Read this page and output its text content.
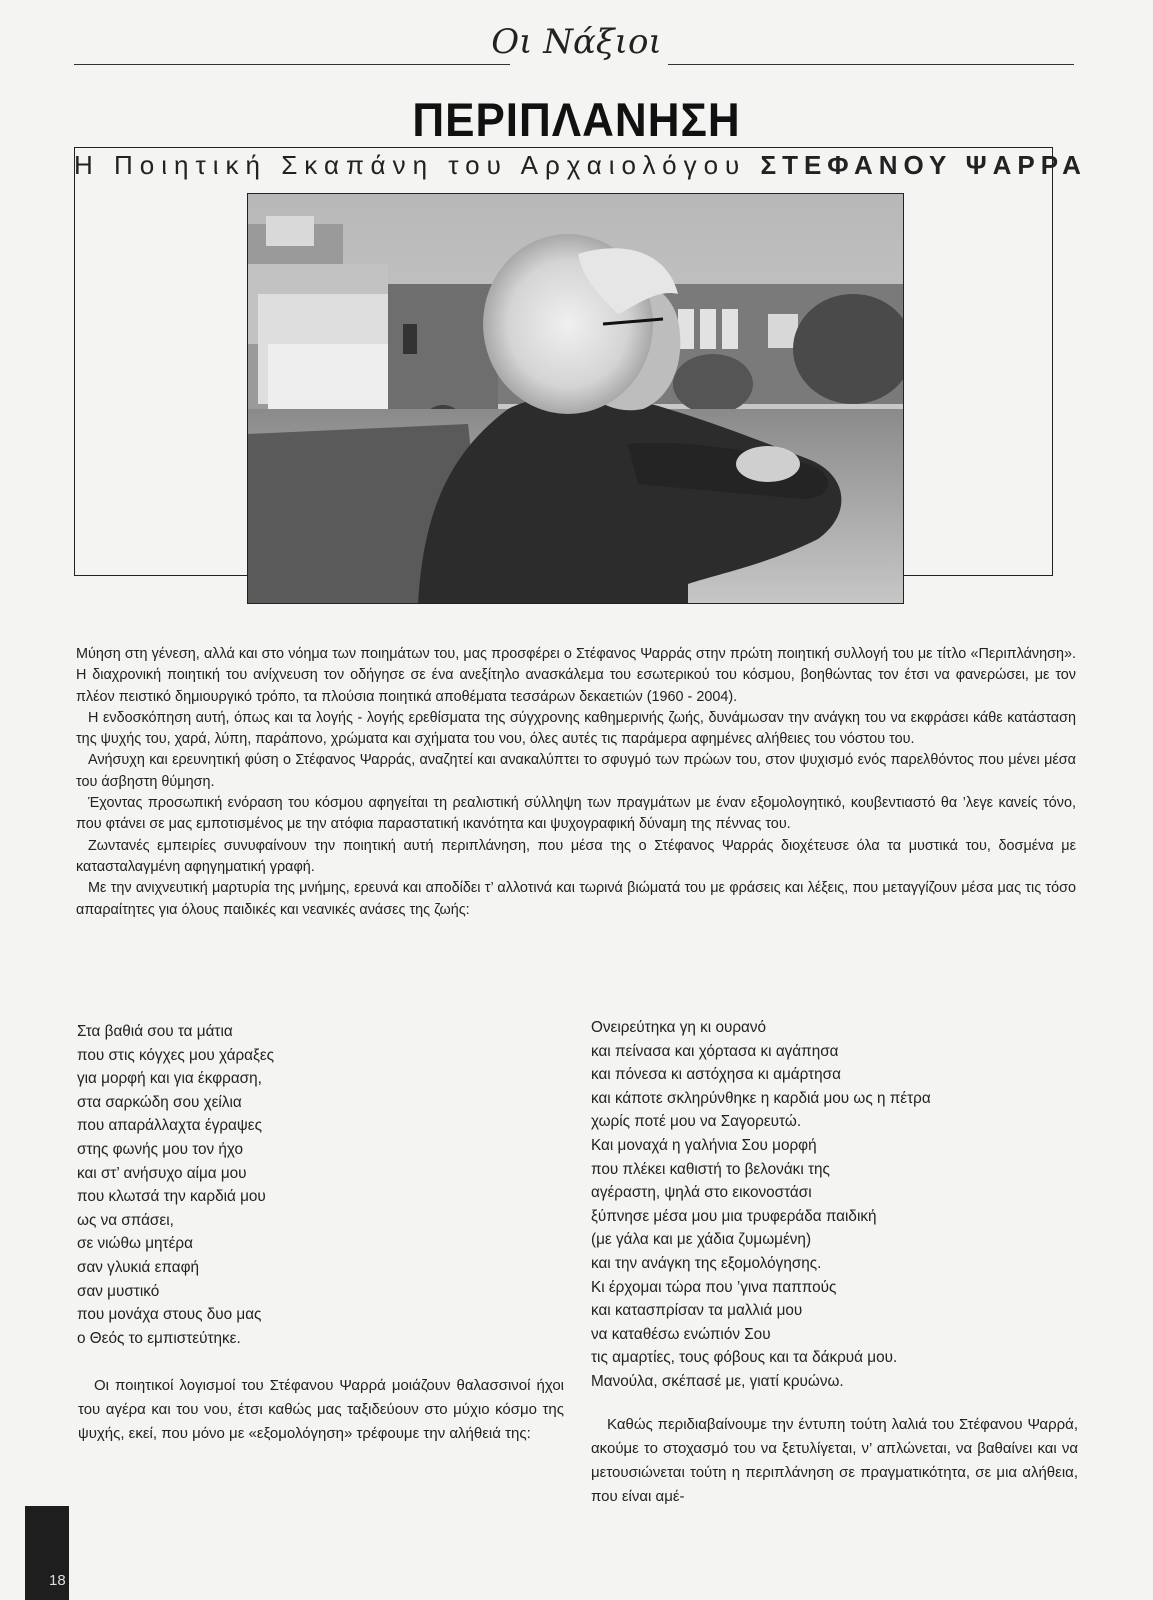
Οι Νάξιοι
ΠΕΡΙΠΛΑΝΗΣΗ
Η Ποιητική Σκαπάνη του Αρχαιολόγου ΣΤΕΦΑΝΟΥ ΨΑΡΡΑ

Μύηση στη γένεση, αλλά και στο νόημα των ποιημάτων του, μας προσφέρει ο Στέφανος Ψαρράς στην πρώτη ποιητική συλλογή του με τίτλο «Περιπλάνηση». Η διαχρονική ποιητική του ανίχνευση τον οδήγησε σε ένα ανεξίτηλο ανασκάλεμα του εσωτερικού του κόσμου, βοηθώντας τον έτσι να φανερώσει, με τον πλέον πειστικό δημιουργικό τρόπο, τα πλούσια ποιητικά αποθέματα τεσσάρων δεκαετιών (1960 - 2004).

Η ενδοσκόπηση αυτή, όπως και τα λογής - λογής ερεθίσματα της σύγχρονης καθημερινής ζωής, δυνάμωσαν την ανάγκη του να εκφράσει κάθε κατάσταση της ψυχής του, χαρά, λύπη, παράπονο, χρώματα και σχήματα του νου, όλες αυτές τις παράμερα αφημένες αλήθειες του νόστου του.

Ανήσυχη και ερευνητική φύση ο Στέφανος Ψαρράς, αναζητεί και ανακαλύπτει το σφυγμό των πρώων του, στον ψυχισμό ενός παρελθόντος που μένει μέσα του άσβηστη θύμηση.

Έχοντας προσωπική ενόραση του κόσμου αφηγείται τη ρεαλιστική σύλληψη των πραγμάτων με έναν εξομολογητικό, κουβεντιαστό θα ’λεγε κανείς τόνο, που φτάνει σε μας εμποτισμένος με την ατόφια παραστατική ικανότητα και ψυχογραφική δύναμη της πέννας του.

Ζωντανές εμπειρίες συνυφαίνουν την ποιητική αυτή περιπλάνηση, που μέσα της ο Στέφανος Ψαρράς διοχέτευσε όλα τα μυστικά του, δοσμένα με κατασταλαγμένη αφηγηματική γραφή.

Με την ανιχνευτική μαρτυρία της μνήμης, ερευνά και αποδίδει τ’ αλλοτινά και τωρινά βιώματά του με φράσεις και λέξεις, που μεταγγίζουν μέσα μας τις τόσο απαραίτητες για όλους παιδικές και νεανικές ανάσες της ζωής:

Στα βαθιά σου τα μάτια
που στις κόγχες μου χάραξες
για μορφή και για έκφραση,
στα σαρκώδη σου χείλια
που απαράλλαχτα έγραψες
στης φωνής μου τον ήχο
και στ’ ανήσυχο αίμα μου
που κλωτσά την καρδιά μου
ως να σπάσει,
σε νιώθω μητέρα
σαν γλυκιά επαφή
σαν μυστικό
που μονάχα στους δυο μας
ο Θεός το εμπιστεύτηκε.

Οι ποιητικοί λογισμοί του Στέφανου Ψαρρά μοιάζουν θαλασσινοί ήχοι του αγέρα και του νου, έτσι καθώς μας ταξιδεύουν στο μύχιο κόσμο της ψυχής, εκεί, που μόνο με «εξομολόγηση» τρέφουμε την αλήθειά της:

Ονειρεύτηκα γη κι ουρανό
και πείνασα και χόρτασα κι αγάπησα
και πόνεσα κι αστόχησα κι αμάρτησα
και κάποτε σκληρύνθηκε η καρδιά μου ως η πέτρα
χωρίς ποτέ μου να Σαγορευτώ.
Και μοναχά η γαλήνια Σου μορφή
που πλέκει καθιστή το βελονάκι της
αγέραστη, ψηλά στο εικονοστάσι
ξύπνησε μέσα μου μια τρυφεράδα παιδική
(με γάλα και με χάδια ζυμωμένη)
και την ανάγκη της εξομολόγησης.
Κι έρχομαι τώρα που ’γινα παππούς
και κατασπρίσαν τα μαλλιά μου
να καταθέσω ενώπιόν Σου
τις αμαρτίες, τους φόβους και τα δάκρυά μου.
Μανούλα, σκέπασέ με, γιατί κρυώνω.

Καθώς περιδιαβαίνουμε την έντυπη τούτη λαλιά του Στέφανου Ψαρρά, ακούμε το στοχασμό του να ξετυλίγεται, ν’ απλώνεται, να βαθαίνει και να μετουσιώνεται τούτη η περιπλάνηση σε πραγματικότητα, σε μια αλήθεια, που είναι αμέ-

18
